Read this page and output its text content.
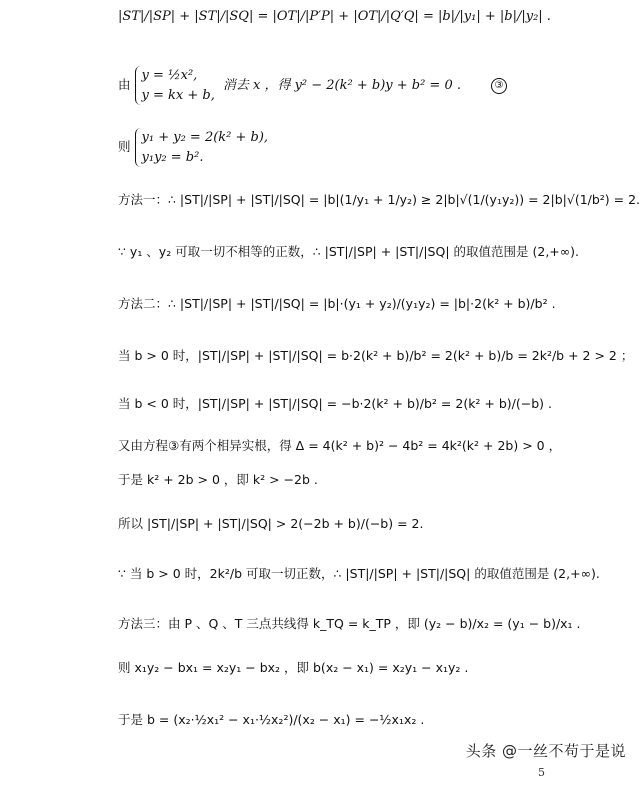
|ST|/|SP| + |ST|/|SQ| = |OT|/|P′P| + |OT|/|Q′Q| = |b|/|y₁| + |b|/|y₂| .
由
y = ½x²,
y = kx + b,
消去 x ，得 y² − 2(k² + b)y + b² = 0 .	③
则
y₁ + y₂ = 2(k² + b),
y₁y₂ = b².
方法一：∴ |ST|/|SP| + |ST|/|SQ| = |b|(1/y₁ + 1/y₂) ≥ 2|b|√(1/(y₁y₂)) = 2|b|√(1/b²) = 2.
∵ y₁ 、y₂ 可取一切不相等的正数，∴ |ST|/|SP| + |ST|/|SQ| 的取值范围是 (2,+∞).
方法二：∴ |ST|/|SP| + |ST|/|SQ| = |b|·(y₁ + y₂)/(y₁y₂) = |b|·2(k² + b)/b² .
当 b > 0 时，|ST|/|SP| + |ST|/|SQ| = b·2(k² + b)/b² = 2(k² + b)/b = 2k²/b + 2 > 2 ；
当 b < 0 时，|ST|/|SP| + |ST|/|SQ| = −b·2(k² + b)/b² = 2(k² + b)/(−b) .
又由方程③有两个相异实根，得 Δ = 4(k² + b)² − 4b² = 4k²(k² + 2b) > 0 ，
于是 k² + 2b > 0 ，即 k² > −2b .
所以 |ST|/|SP| + |ST|/|SQ| > 2(−2b + b)/(−b) = 2.
∵ 当 b > 0 时，2k²/b 可取一切正数，∴ |ST|/|SP| + |ST|/|SQ| 的取值范围是 (2,+∞).
方法三：由 P 、Q 、T 三点共线得 k_TQ = k_TP ，即 (y₂ − b)/x₂ = (y₁ − b)/x₁ .
则 x₁y₂ − bx₁ = x₂y₁ − bx₂ ，即 b(x₂ − x₁) = x₂y₁ − x₁y₂ .
于是 b = (x₂·½x₁² − x₁·½x₂²)/(x₂ − x₁) = −½x₁x₂ .
头条 @一丝不苟于是说
5
